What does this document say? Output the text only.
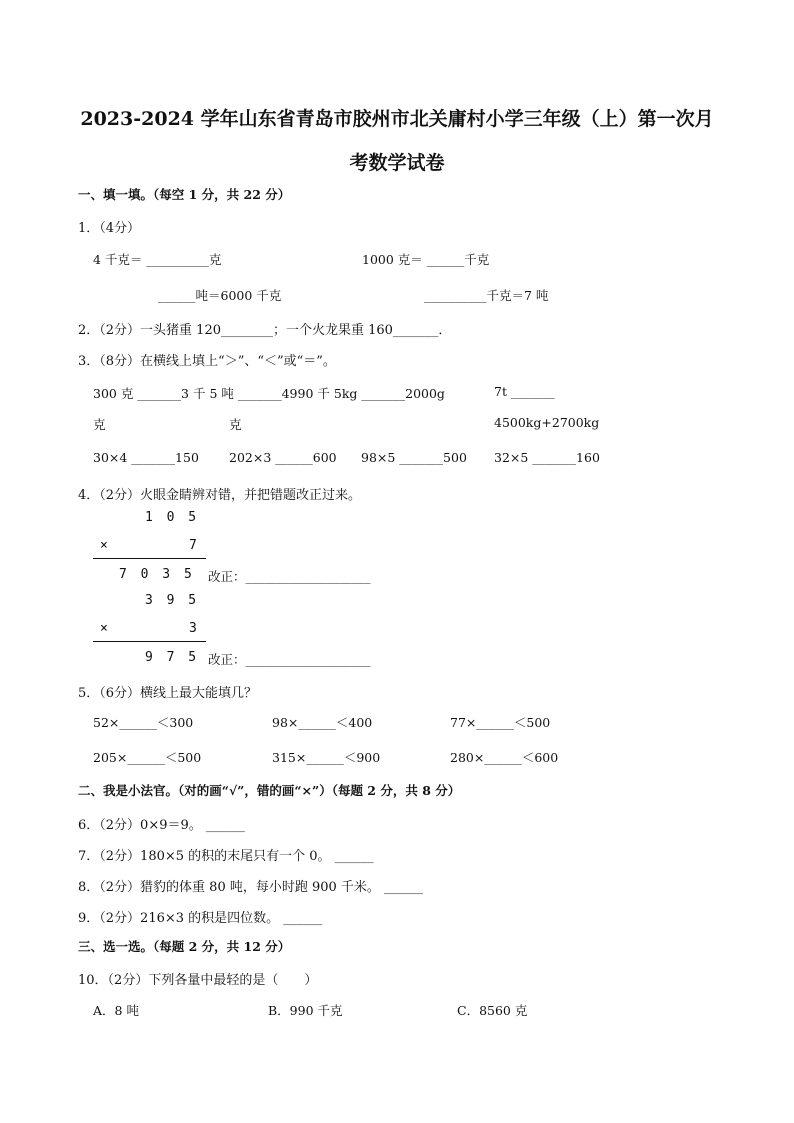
2023-2024 学年山东省青岛市胶州市北关庸村小学三年级（上）第一次月
考数学试卷
一、填一填。（每空 1 分，共 22 分）
1．（4分）
4 千克＝ __________克	1000 克＝ ______千克
______吨＝6000 千克	__________千克＝7 吨
2．（2分）一头猪重 120________；一个火龙果重 160_______．
3．（8分）在横线上填上“＞”、“＜”或“＝”。
300 克 _______3 千 5 吨 _______4990 千 5kg _______2000g	7t _______
克	克	4500kg+2700kg
30×4 _______150 202×3 ______600 98×5 _______500 32×5 _______160
4．（2分）火眼金睛辨对错，并把错题改正过来。
1 0 5
×	7
7 0 3 5 改正：____________________
3 9 5
×	3
9 7 5 改正：____________________
5．（6分）横线上最大能填几？
52×______＜300	98×______＜400	77×______＜500
205×______＜500	315×______＜900	280×______＜600
二、我是小法官。（对的画“√”，错的画“×”）（每题 2 分，共 8 分）
6．（2分）0×9＝9。 ______
7．（2分）180×5 的积的末尾只有一个 0。 ______
8．（2分）猎豹的体重 80 吨，每小时跑 900 千米。 ______
9．（2分）216×3 的积是四位数。 ______
三、选一选。（每题 2 分，共 12 分）
10．（2分）下列各量中最轻的是（　　）
A．8 吨	B．990 千克	C．8560 克
